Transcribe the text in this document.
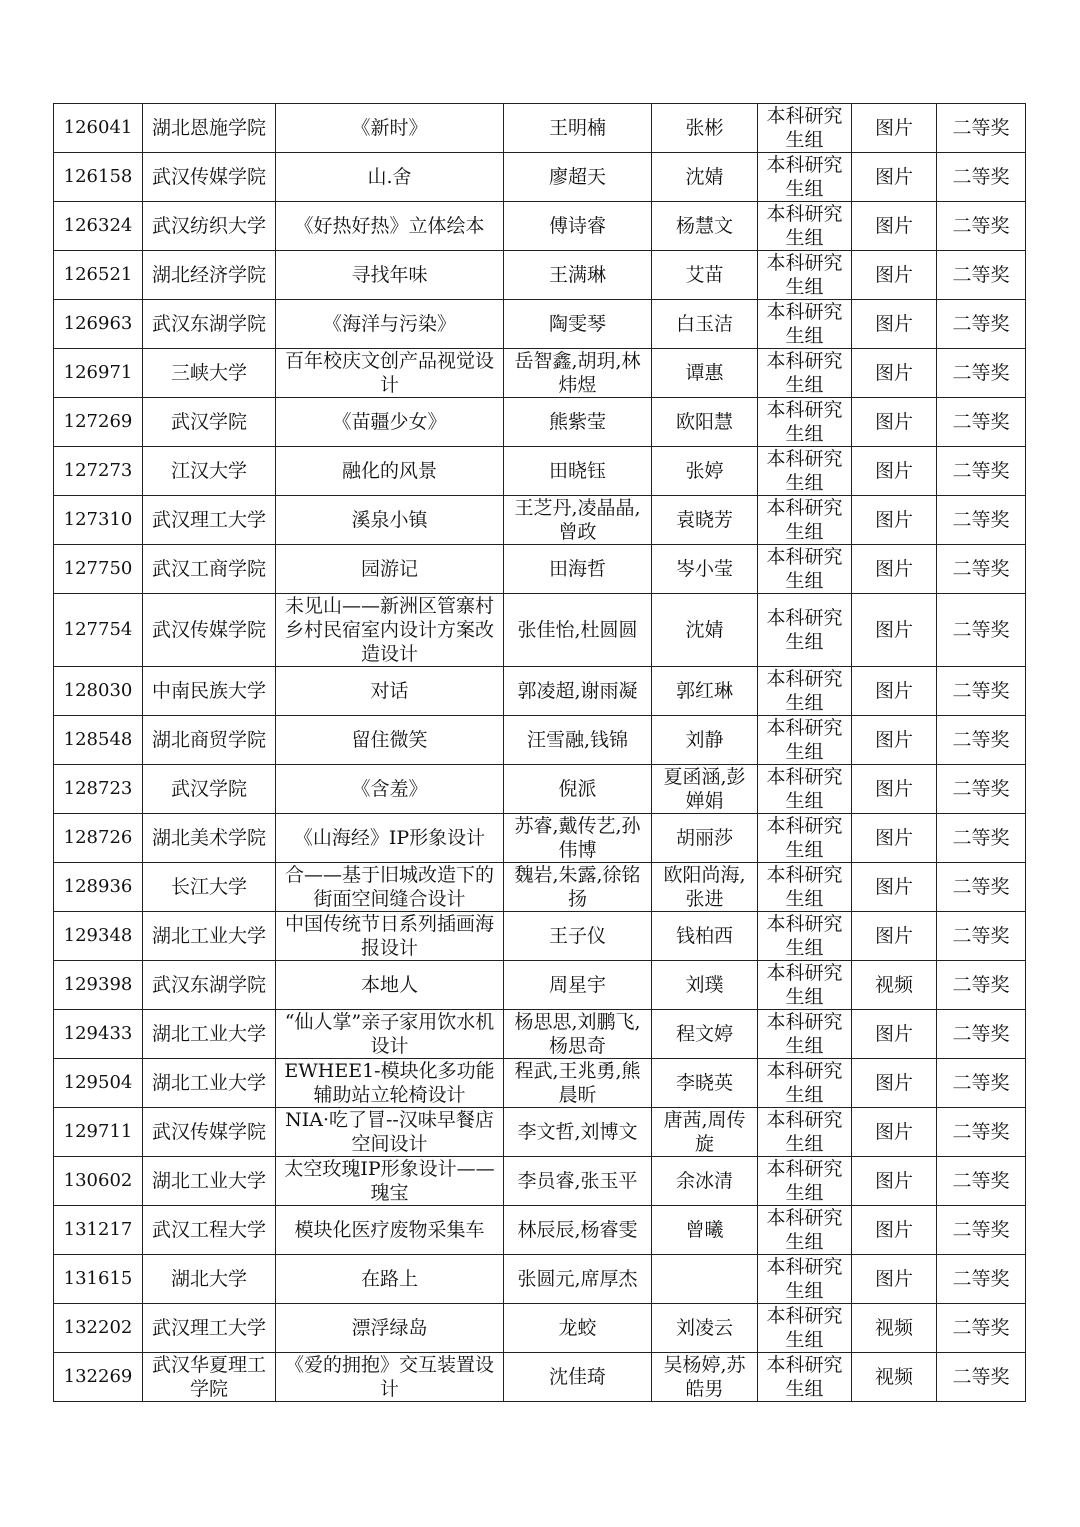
126041	湖北恩施学院	《新时》	王明楠	张彬	本科研究生组	图片	二等奖
126158	武汉传媒学院	山.舍	廖超天	沈婧	本科研究生组	图片	二等奖
126324	武汉纺织大学	《好热好热》立体绘本	傅诗睿	杨慧文	本科研究生组	图片	二等奖
126521	湖北经济学院	寻找年味	王满琳	艾苗	本科研究生组	图片	二等奖
126963	武汉东湖学院	《海洋与污染》	陶雯琴	白玉洁	本科研究生组	图片	二等奖
126971	三峡大学	百年校庆文创产品视觉设计	岳智鑫,胡玥,林炜煜	谭惠	本科研究生组	图片	二等奖
127269	武汉学院	《苗疆少女》	熊紫莹	欧阳慧	本科研究生组	图片	二等奖
127273	江汉大学	融化的风景	田晓钰	张婷	本科研究生组	图片	二等奖
127310	武汉理工大学	溪泉小镇	王芝丹,凌晶晶,曾政	袁晓芳	本科研究生组	图片	二等奖
127750	武汉工商学院	园游记	田海哲	岑小莹	本科研究生组	图片	二等奖
127754	武汉传媒学院	未见山——新洲区管寨村乡村民宿室内设计方案改造设计	张佳怡,杜圆圆	沈婧	本科研究生组	图片	二等奖
128030	中南民族大学	对话	郭凌超,谢雨凝	郭红琳	本科研究生组	图片	二等奖
128548	湖北商贸学院	留住微笑	汪雪融,钱锦	刘静	本科研究生组	图片	二等奖
128723	武汉学院	《含羞》	倪派	夏函涵,彭婵娟	本科研究生组	图片	二等奖
128726	湖北美术学院	《山海经》IP形象设计	苏睿,戴传艺,孙伟博	胡丽莎	本科研究生组	图片	二等奖
128936	长江大学	合——基于旧城改造下的街面空间缝合设计	魏岩,朱露,徐铭扬	欧阳尚海,张进	本科研究生组	图片	二等奖
129348	湖北工业大学	中国传统节日系列插画海报设计	王子仪	钱柏西	本科研究生组	图片	二等奖
129398	武汉东湖学院	本地人	周星宇	刘璞	本科研究生组	视频	二等奖
129433	湖北工业大学	“仙人掌”亲子家用饮水机设计	杨思思,刘鹏飞,杨思奇	程文婷	本科研究生组	图片	二等奖
129504	湖北工业大学	EWHEE1-模块化多功能辅助站立轮椅设计	程武,王兆勇,熊晨昕	李晓英	本科研究生组	图片	二等奖
129711	武汉传媒学院	NIA·吃了冒--汉味早餐店空间设计	李文哲,刘博文	唐茜,周传旋	本科研究生组	图片	二等奖
130602	湖北工业大学	太空玫瑰IP形象设计——瑰宝	李员睿,张玉平	余冰清	本科研究生组	图片	二等奖
131217	武汉工程大学	模块化医疗废物采集车	林辰辰,杨睿雯	曾曦	本科研究生组	图片	二等奖
131615	湖北大学	在路上	张圆元,席厚杰		本科研究生组	图片	二等奖
132202	武汉理工大学	漂浮绿岛	龙蛟	刘凌云	本科研究生组	视频	二等奖
132269	武汉华夏理工学院	《爱的拥抱》交互装置设计	沈佳琦	吴杨婷,苏皓男	本科研究生组	视频	二等奖
